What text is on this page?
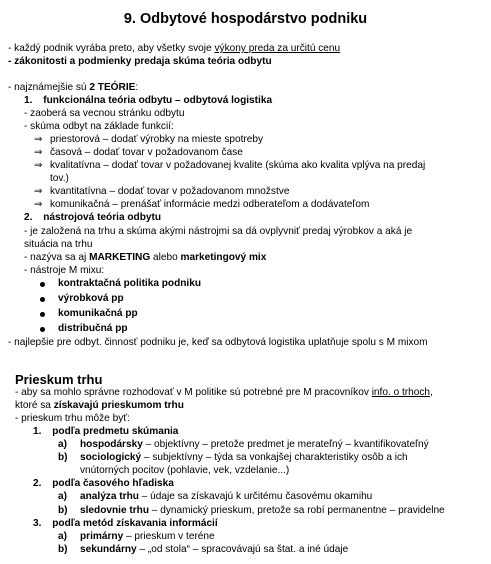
9. Odbytové hospodárstvo podniku
- každý podnik vyrába preto, aby všetky svoje výkony preda za určitú cenu
- zákonitosti a podmienky predaja skúma teória odbytu
- najznámejšie sú 2 TEÓRIE:
1. funkcionálna teória odbytu – odbytová logistika
- zaoberá sa vecnou stránku odbytu
- skúma odbyt na základe funkcií:
⇒ priestorová – dodať výrobky na mieste spotreby
⇒ časová – dodať tovar v požadovanom čase
⇒ kvalitatívna – dodať tovar v požadovanej kvalite (skúma ako kvalita vplýva na predaj
tov.)
⇒ kvantitatívna – dodať tovar v požadovanom množstve
⇒ komunikačná – prenášať informácie medzi odberateľom a dodávateľom
2. nástrojová teória odbytu
- je založená na trhu a skúma akými nástrojmi sa dá ovplyvniť predaj výrobkov a aká je
situácia na trhu
- nazýva sa aj MARKETING alebo marketingový mix
- nástroje M mixu:
kontraktačná politika podniku
výrobková pp
komunikačná pp
distribučná pp
- najlepšie pre odbyt. činnosť podniku je, keď sa odbytová logistika uplatňuje spolu s M mixom
Prieskum trhu
- aby sa mohlo správne rozhodovať v M politike sú potrebné pre M pracovníkov info. o trhoch,
ktoré sa získavajú prieskumom trhu
- prieskum trhu môže byť:
1. podľa predmetu skúmania
a) hospodársky – objektívny – pretože predmet je merateľný – kvantifikovateľný
b) sociologický – subjektívny – týda sa vonkajšej charakteristiky osôb a ich
vnútorných pocitov (pohlavie, vek, vzdelanie...)
2. podľa časového hľadiska
a) analýza trhu – údaje sa získavajú k určitému časovému okamihu
b) sledovnie trhu – dynamický prieskum, pretože sa robí permanentne – pravidelne
3. podľa metód získavania informácií
a) primárny – prieskum v teréne
b) sekundárny – „od stola“ – spracovávajú sa štat. a iné údaje
